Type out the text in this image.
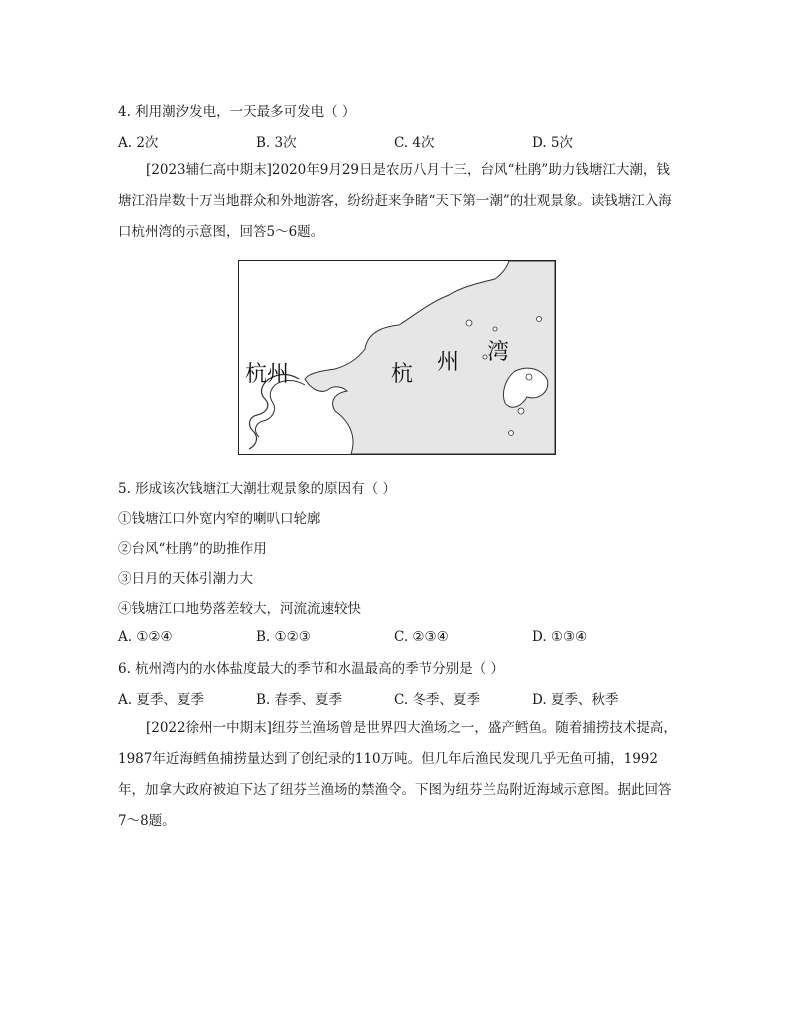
4. 利用潮汐发电，一天最多可发电（ ）
A. 2次	B. 3次	C. 4次	D. 5次
[2023辅仁高中期末]2020年9月29日是农历八月十三，台风“杜鹃”助力钱塘江大潮，钱塘江沿岸数十万当地群众和外地游客，纷纷赶来争睹“天下第一潮”的壮观景象。读钱塘江入海口杭州湾的示意图，回答5～6题。
杭州	杭 州 湾
5. 形成该次钱塘江大潮壮观景象的原因有（ ）
①钱塘江口外宽内窄的喇叭口轮廓
②台风“杜鹃”的助推作用
③日月的天体引潮力大
④钱塘江口地势落差较大，河流流速较快
A. ①②④	B. ①②③	C. ②③④	D. ①③④
6. 杭州湾内的水体盐度最大的季节和水温最高的季节分别是（ ）
A. 夏季、夏季	B. 春季、夏季	C. 冬季、夏季	D. 夏季、秋季
[2022徐州一中期末]纽芬兰渔场曾是世界四大渔场之一，盛产鳕鱼。随着捕捞技术提高，1987年近海鳕鱼捕捞量达到了创纪录的110万吨。但几年后渔民发现几乎无鱼可捕，1992年，加拿大政府被迫下达了纽芬兰渔场的禁渔令。下图为纽芬兰岛附近海域示意图。据此回答7～8题。
